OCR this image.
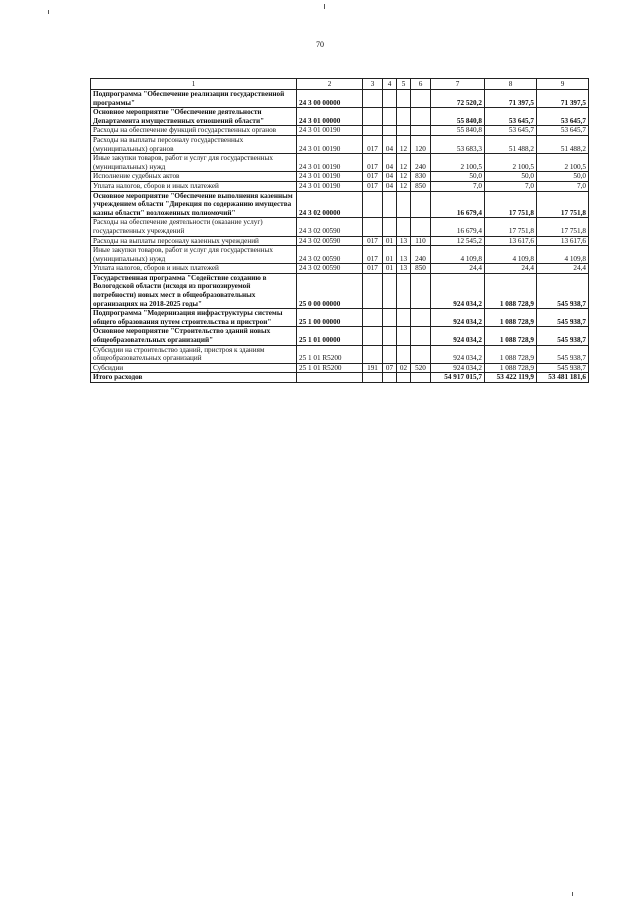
70
1	2	3	4	5	6	7	8	9
Подпрограмма "Обеспечение реализации государственной программы"	24 3 00 00000					72 520,2	71 397,5	71 397,5
Основное мероприятие "Обеспечение деятельности Департамента имущественных отношений области"	24 3 01 00000					55 840,8	53 645,7	53 645,7
Расходы на обеспечение функций государственных органов	24 3 01 00190					55 840,8	53 645,7	53 645,7
Расходы на выплаты персоналу государственных (муниципальных) органов	24 3 01 00190	017	04	12	120	53 683,3	51 488,2	51 488,2
Иные закупки товаров, работ и услуг для государственных (муниципальных) нужд	24 3 01 00190	017	04	12	240	2 100,5	2 100,5	2 100,5
Исполнение судебных актов	24 3 01 00190	017	04	12	830	50,0	50,0	50,0
Уплата налогов, сборов и иных платежей	24 3 01 00190	017	04	12	850	7,0	7,0	7,0
Основное мероприятие "Обеспечение выполнения казенным учреждением области "Дирекция по содержанию имущества казны области" возложенных полномочий"	24 3 02 00000					16 679,4	17 751,8	17 751,8
Расходы на обеспечение деятельности (оказание услуг) государственных учреждений	24 3 02 00590					16 679,4	17 751,8	17 751,8
Расходы на выплаты персоналу казенных учреждений	24 3 02 00590	017	01	13	110	12 545,2	13 617,6	13 617,6
Иные закупки товаров, работ и услуг для государственных (муниципальных) нужд	24 3 02 00590	017	01	13	240	4 109,8	4 109,8	4 109,8
Уплата налогов, сборов и иных платежей	24 3 02 00590	017	01	13	850	24,4	24,4	24,4
Государственная программа "Содействие созданию в Вологодской области (исходя из прогнозируемой потребности) новых мест в общеобразовательных организациях на 2018-2025 годы"	25 0 00 00000					924 034,2	1 088 728,9	545 938,7
Подпрограмма "Модернизация инфраструктуры системы общего образования путем строительства и пристрои"	25 1 00 00000					924 034,2	1 088 728,9	545 938,7
Основное мероприятие "Строительство зданий новых общеобразовательных организаций"	25 1 01 00000					924 034,2	1 088 728,9	545 938,7
Субсидии на строительство зданий, пристроя к зданиям общеобразовательных организаций	25 1 01 R5200					924 034,2	1 088 728,9	545 938,7
Субсидии	25 1 01 R5200	191	07	02	520	924 034,2	1 088 728,9	545 938,7
Итого расходов						54 917 015,7	53 422 119,9	53 481 181,6
